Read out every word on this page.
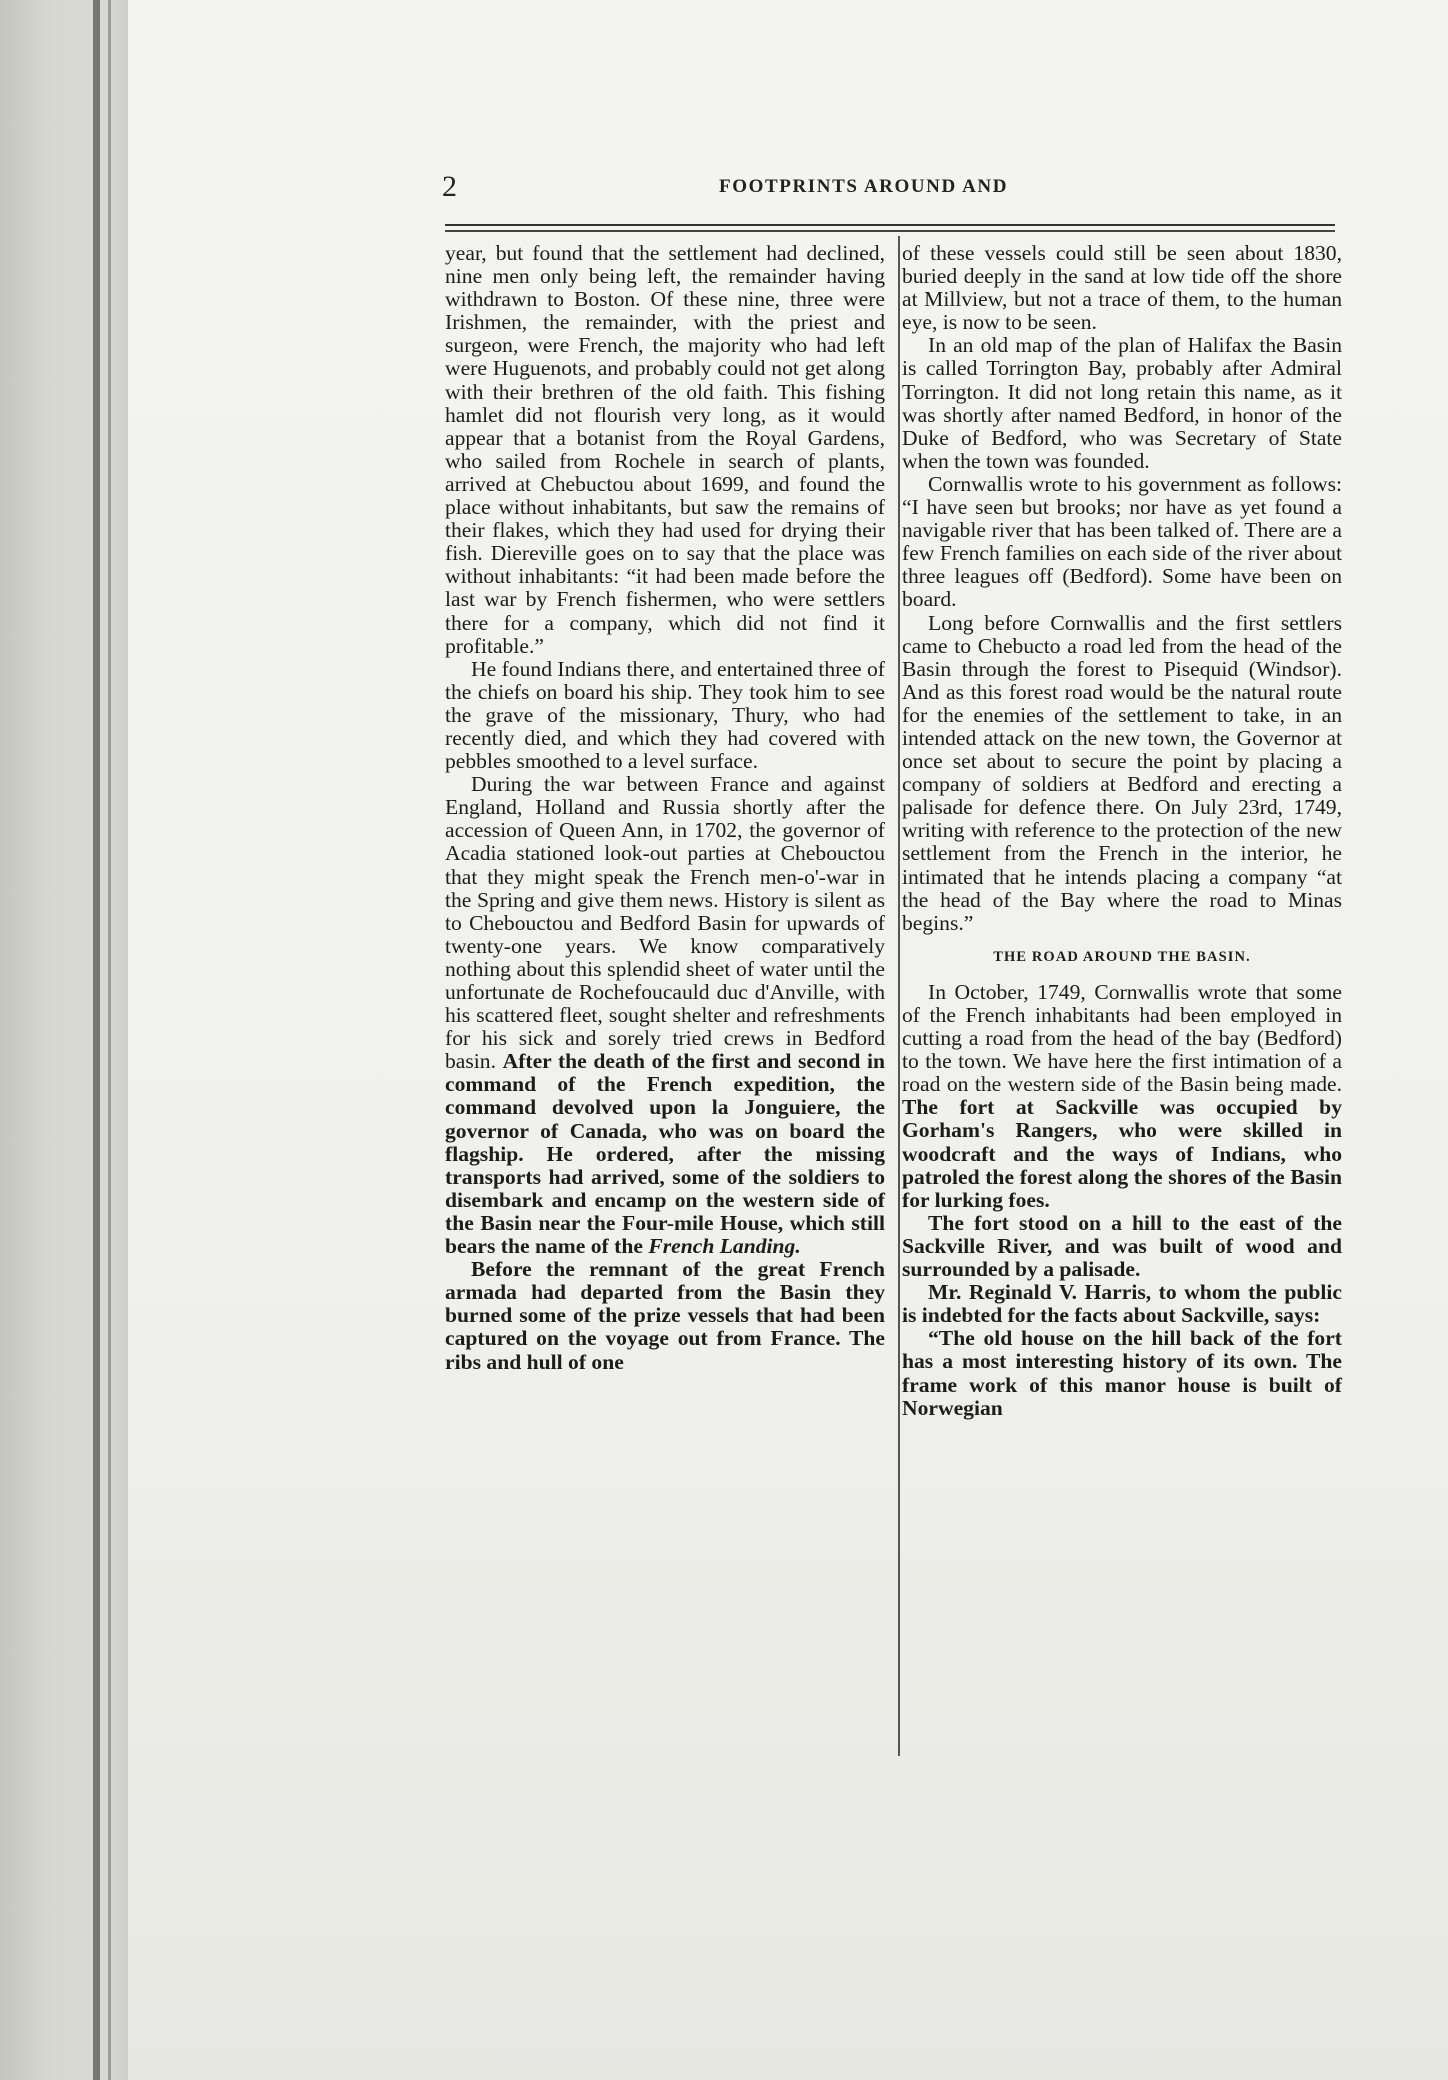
2	FOOTPRINTS AROUND AND

year, but found that the settlement had declined, nine men only being left, the remainder having withdrawn to Boston. Of these nine, three were Irishmen, the remainder, with the priest and surgeon, were French, the majority who had left were Huguenots, and probably could not get along with their brethren of the old faith. This fishing hamlet did not flourish very long, as it would appear that a botanist from the Royal Gardens, who sailed from Rochele in search of plants, arrived at Chebuctou about 1699, and found the place without inhabitants, but saw the remains of their flakes, which they had used for drying their fish. Diereville goes on to say that the place was without inhabitants: “it had been made before the last war by French fishermen, who were settlers there for a company, which did not find it profitable.”

He found Indians there, and entertained three of the chiefs on board his ship. They took him to see the grave of the missionary, Thury, who had recently died, and which they had covered with pebbles smoothed to a level surface.

During the war between France and against England, Holland and Russia shortly after the accession of Queen Ann, in 1702, the governor of Acadia stationed look-out parties at Chebouctou that they might speak the French men-o'-war in the Spring and give them news. History is silent as to Chebouctou and Bedford Basin for upwards of twenty-one years. We know comparatively nothing about this splendid sheet of water until the unfortunate de Rochefoucauld duc d'Anville, with his scattered fleet, sought shelter and refreshments for his sick and sorely tried crews in Bedford basin. After the death of the first and second in command of the French expedition, the command devolved upon la Jonguiere, the governor of Canada, who was on board the flagship. He ordered, after the missing transports had arrived, some of the soldiers to disembark and encamp on the western side of the Basin near the Four-mile House, which still bears the name of the French Landing.

Before the remnant of the great French armada had departed from the Basin they burned some of the prize vessels that had been captured on the voyage out from France. The ribs and hull of one

of these vessels could still be seen about 1830, buried deeply in the sand at low tide off the shore at Millview, but not a trace of them, to the human eye, is now to be seen.

In an old map of the plan of Halifax the Basin is called Torrington Bay, probably after Admiral Torrington. It did not long retain this name, as it was shortly after named Bedford, in honor of the Duke of Bedford, who was Secretary of State when the town was founded.

Cornwallis wrote to his government as follows: “I have seen but brooks; nor have as yet found a navigable river that has been talked of. There are a few French families on each side of the river about three leagues off (Bedford). Some have been on board.

Long before Cornwallis and the first settlers came to Chebucto a road led from the head of the Basin through the forest to Pisequid (Windsor). And as this forest road would be the natural route for the enemies of the settlement to take, in an intended attack on the new town, the Governor at once set about to secure the point by placing a company of soldiers at Bedford and erecting a palisade for defence there. On July 23rd, 1749, writing with reference to the protection of the new settlement from the French in the interior, he intimated that he intends placing a company “at the head of the Bay where the road to Minas begins.”

THE ROAD AROUND THE BASIN.

In October, 1749, Cornwallis wrote that some of the French inhabitants had been employed in cutting a road from the head of the bay (Bedford) to the town. We have here the first intimation of a road on the western side of the Basin being made. The fort at Sackville was occupied by Gorham's Rangers, who were skilled in woodcraft and the ways of Indians, who patroled the forest along the shores of the Basin for lurking foes.

The fort stood on a hill to the east of the Sackville River, and was built of wood and surrounded by a palisade.

Mr. Reginald V. Harris, to whom the public is indebted for the facts about Sackville, says:

“The old house on the hill back of the fort has a most interesting history of its own. The frame work of this manor house is built of Norwegian
